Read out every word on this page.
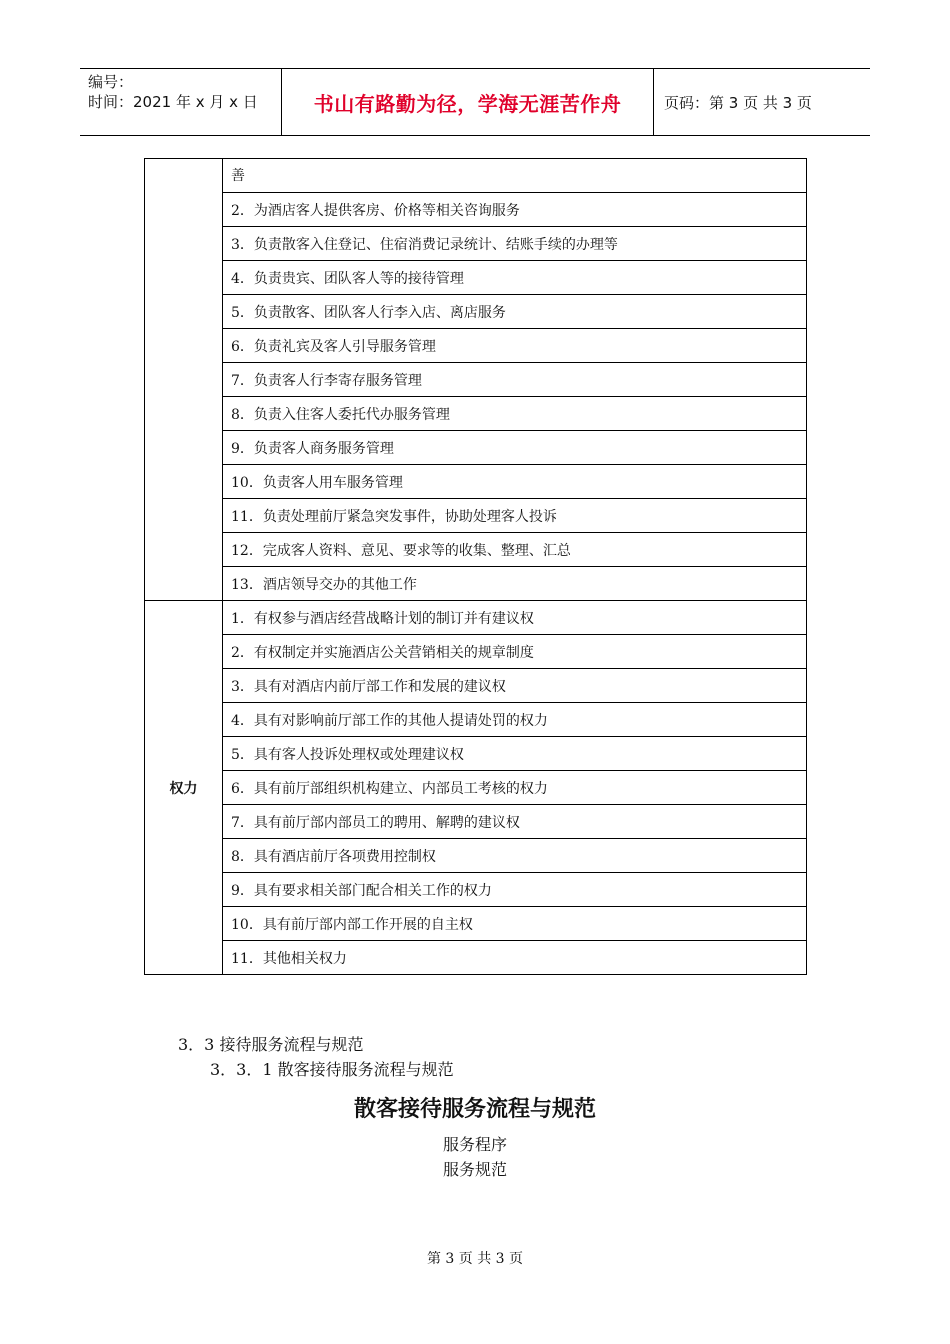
编号：
时间：2021 年 x 月 x 日	书山有路勤为径，学海无涯苦作舟	页码：第 3 页 共 3 页
	善
	2．为酒店客人提供客房、价格等相关咨询服务
	3．负责散客入住登记、住宿消费记录统计、结账手续的办理等
	4．负责贵宾、团队客人等的接待管理
	5．负责散客、团队客人行李入店、离店服务
	6．负责礼宾及客人引导服务管理
	7．负责客人行李寄存服务管理
	8．负责入住客人委托代办服务管理
	9．负责客人商务服务管理
	10．负责客人用车服务管理
	11．负责处理前厅紧急突发事件，协助处理客人投诉
	12．完成客人资料、意见、要求等的收集、整理、汇总
	13．酒店领导交办的其他工作
权力	1．有权参与酒店经营战略计划的制订并有建议权
	2．有权制定并实施酒店公关营销相关的规章制度
	3．具有对酒店内前厅部工作和发展的建议权
	4．具有对影响前厅部工作的其他人提请处罚的权力
	5．具有客人投诉处理权或处理建议权
	6．具有前厅部组织机构建立、内部员工考核的权力
	7．具有前厅部内部员工的聘用、解聘的建议权
	8．具有酒店前厅各项费用控制权
	9．具有要求相关部门配合相关工作的权力
	10．具有前厅部内部工作开展的自主权
	11．其他相关权力
3．3 接待服务流程与规范
3．3．1 散客接待服务流程与规范
散客接待服务流程与规范
服务程序
服务规范
第 3 页 共 3 页
